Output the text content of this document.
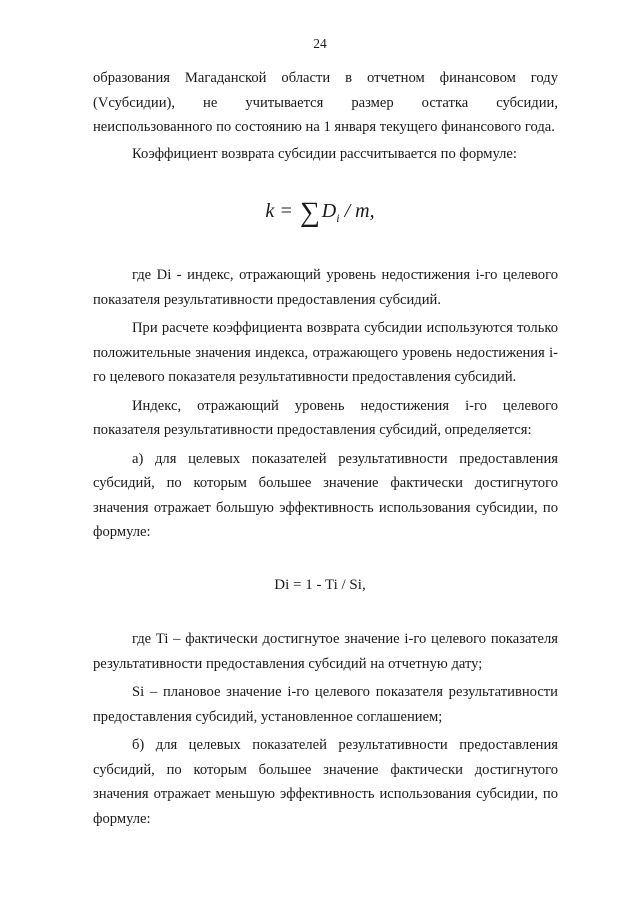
24

образования Магаданской области в отчетном финансовом году (Vсубсидии), не учитывается размер остатка субсидии, неиспользованного по состоянию на 1 января текущего финансового года.

Коэффициент возврата субсидии рассчитывается по формуле:

k = ∑ $D_i$ / m,

где Di - индекс, отражающий уровень недостижения i-го целевого показателя результативности предоставления субсидий.

При расчете коэффициента возврата субсидии используются только положительные значения индекса, отражающего уровень недостижения i-го целевого показателя результативности предоставления субсидий.

Индекс, отражающий уровень недостижения i-го целевого показателя результативности предоставления субсидий, определяется:

а) для целевых показателей результативности предоставления субсидий, по которым большее значение фактически достигнутого значения отражает большую эффективность использования субсидии, по формуле:

Di = 1 - Ti / Si,

где Ti – фактически достигнутое значение i-го целевого показателя результативности предоставления субсидий на отчетную дату;

Si – плановое значение i-го целевого показателя результативности предоставления субсидий, установленное соглашением;

б) для целевых показателей результативности предоставления субсидий, по которым большее значение фактически достигнутого значения отражает меньшую эффективность использования субсидии, по формуле:
